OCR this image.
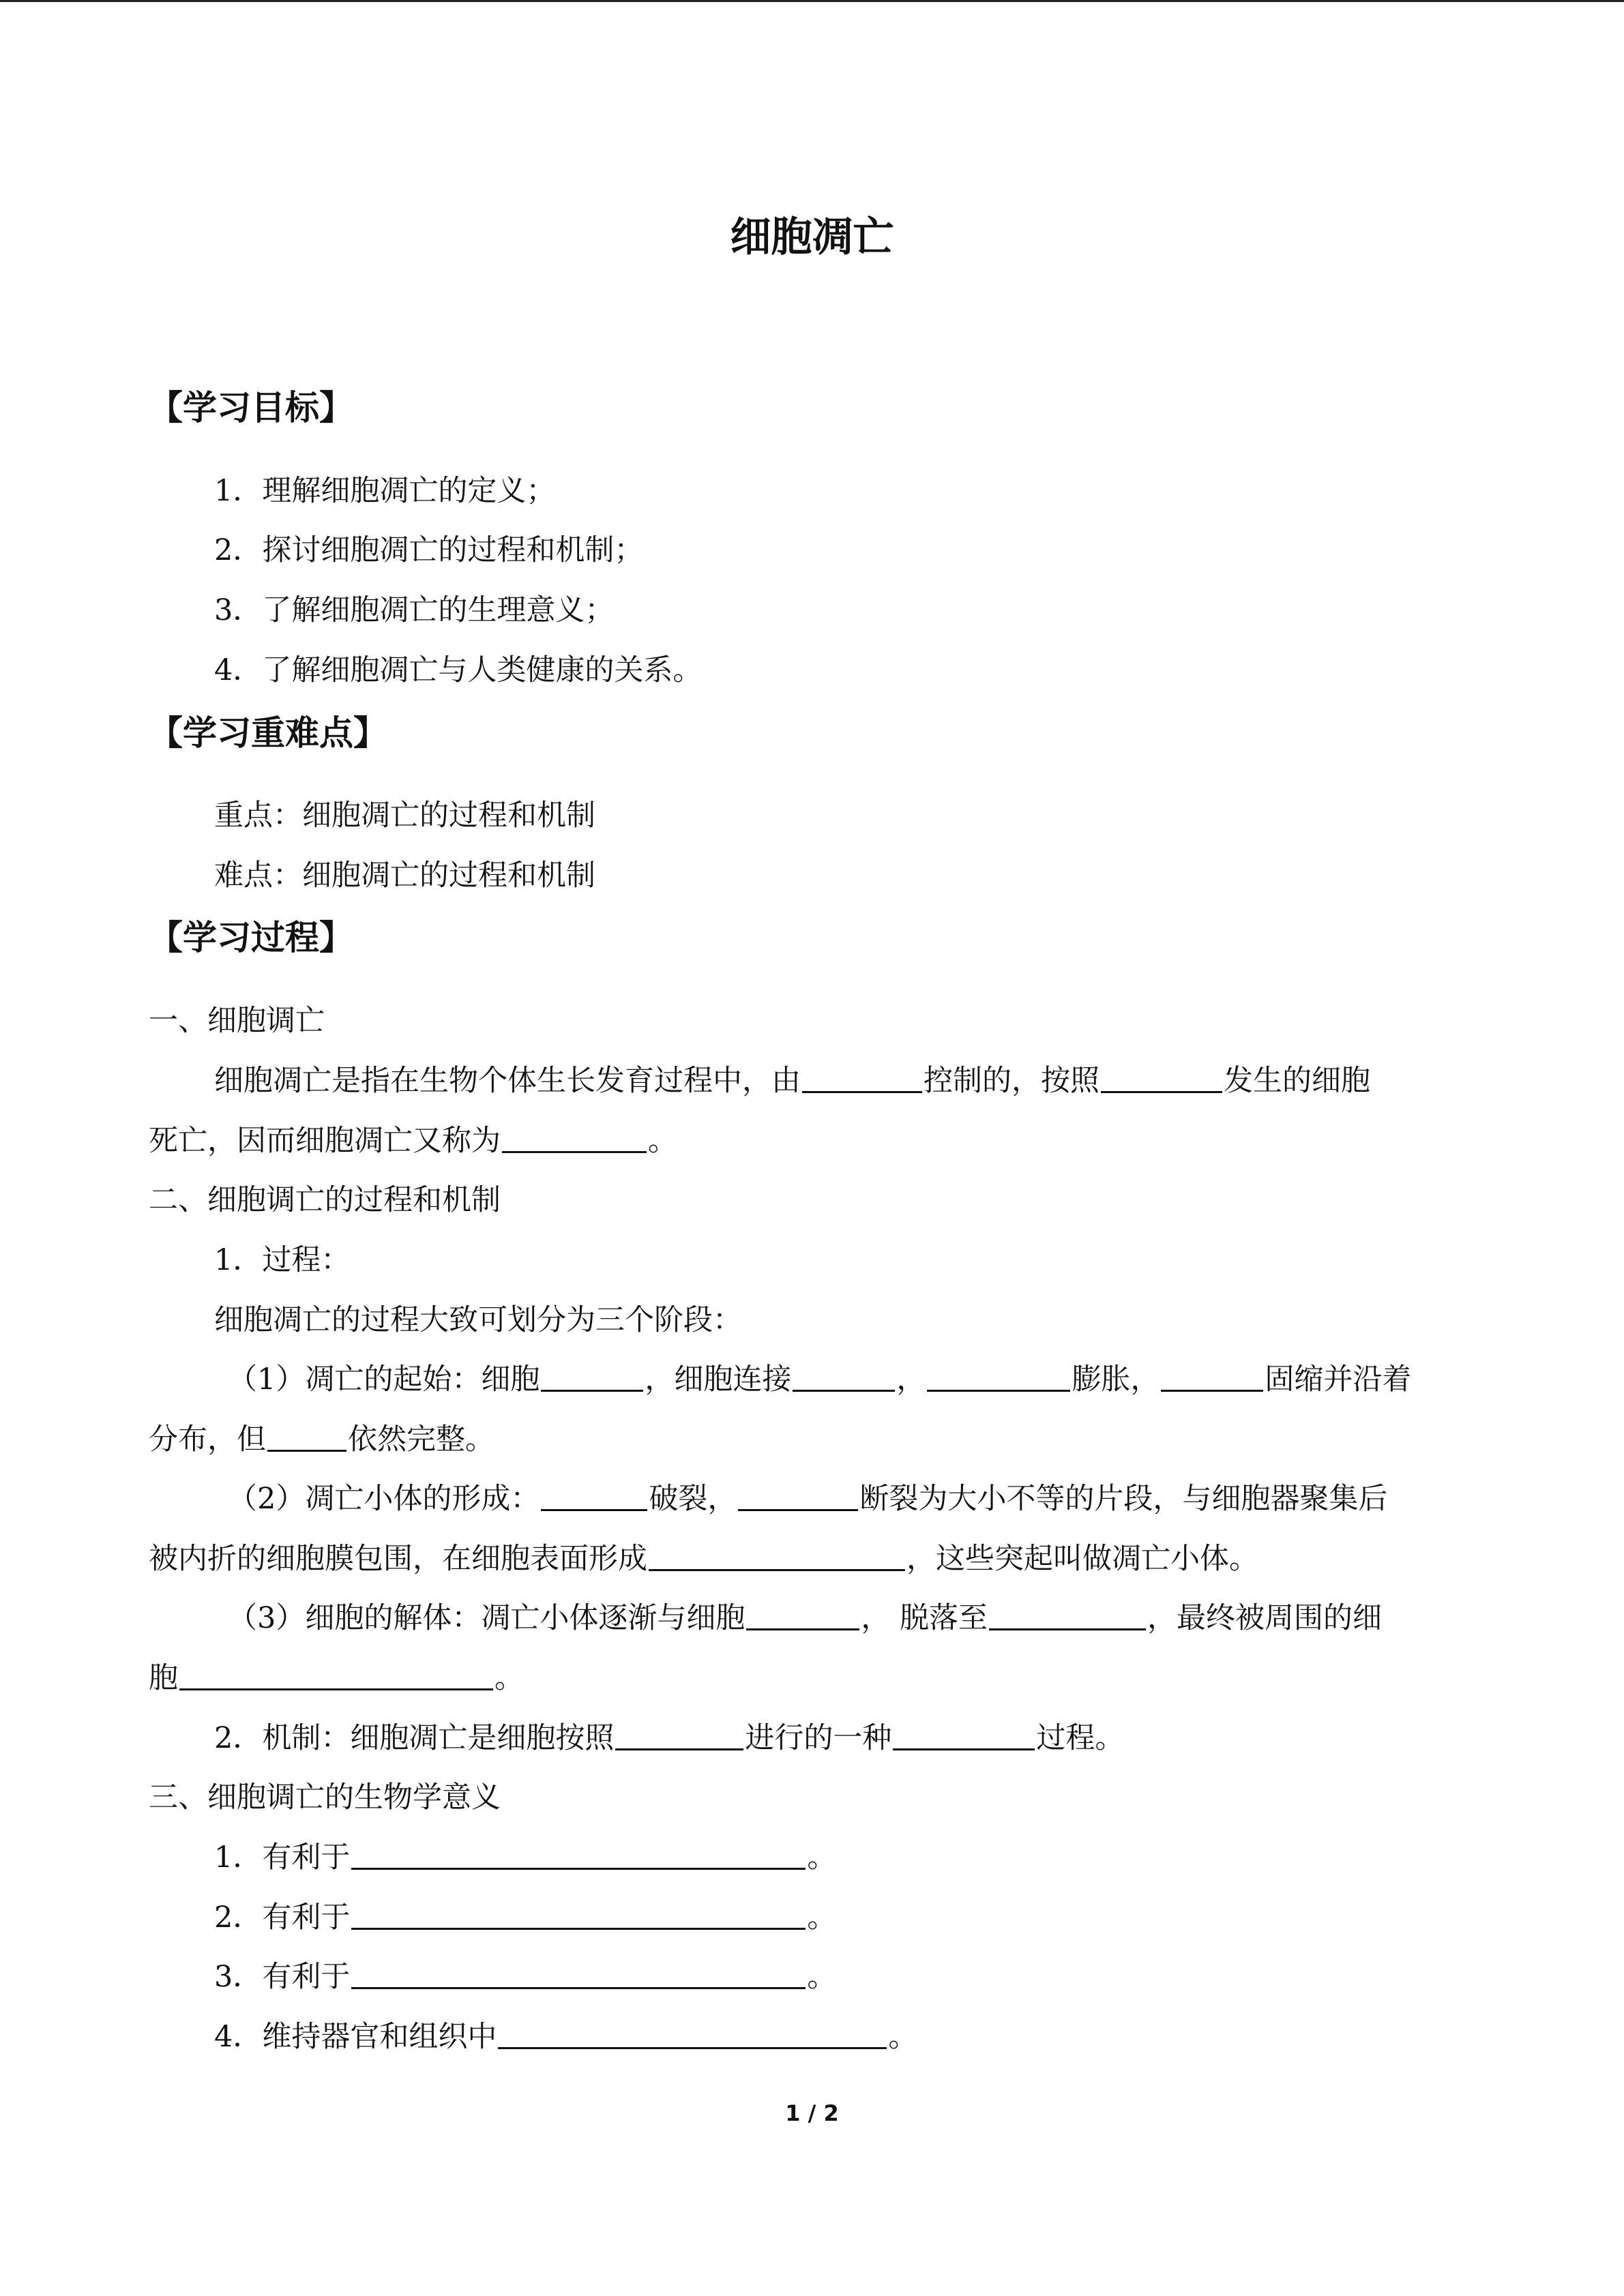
细胞凋亡
【学习目标】
1．理解细胞凋亡的定义；
2．探讨细胞凋亡的过程和机制；
3．了解细胞凋亡的生理意义；
4．了解细胞凋亡与人类健康的关系。
【学习重难点】
重点：细胞凋亡的过程和机制
难点：细胞凋亡的过程和机制
【学习过程】
一、细胞调亡
细胞凋亡是指在生物个体生长发育过程中，由	控制的，按照	发生的细胞
死亡，因而细胞凋亡又称为	。
二、细胞调亡的过程和机制
1．过程：
细胞凋亡的过程大致可划分为三个阶段：
（1）凋亡的起始：细胞	，细胞连接	，	膨胀，	固缩并沿着
分布，但	依然完整。
（2）凋亡小体的形成：	破裂，	断裂为大小不等的片段，与细胞器聚集后
被内折的细胞膜包围，在细胞表面形成	，这些突起叫做凋亡小体。
（3）细胞的解体：凋亡小体逐渐与细胞	， 脱落至	，最终被周围的细
胞	。
2．机制：细胞凋亡是细胞按照	进行的一种	过程。
三、细胞调亡的生物学意义
1．有利于	。
2．有利于	。
3．有利于	。
4．维持器官和组织中	。
1 / 2
